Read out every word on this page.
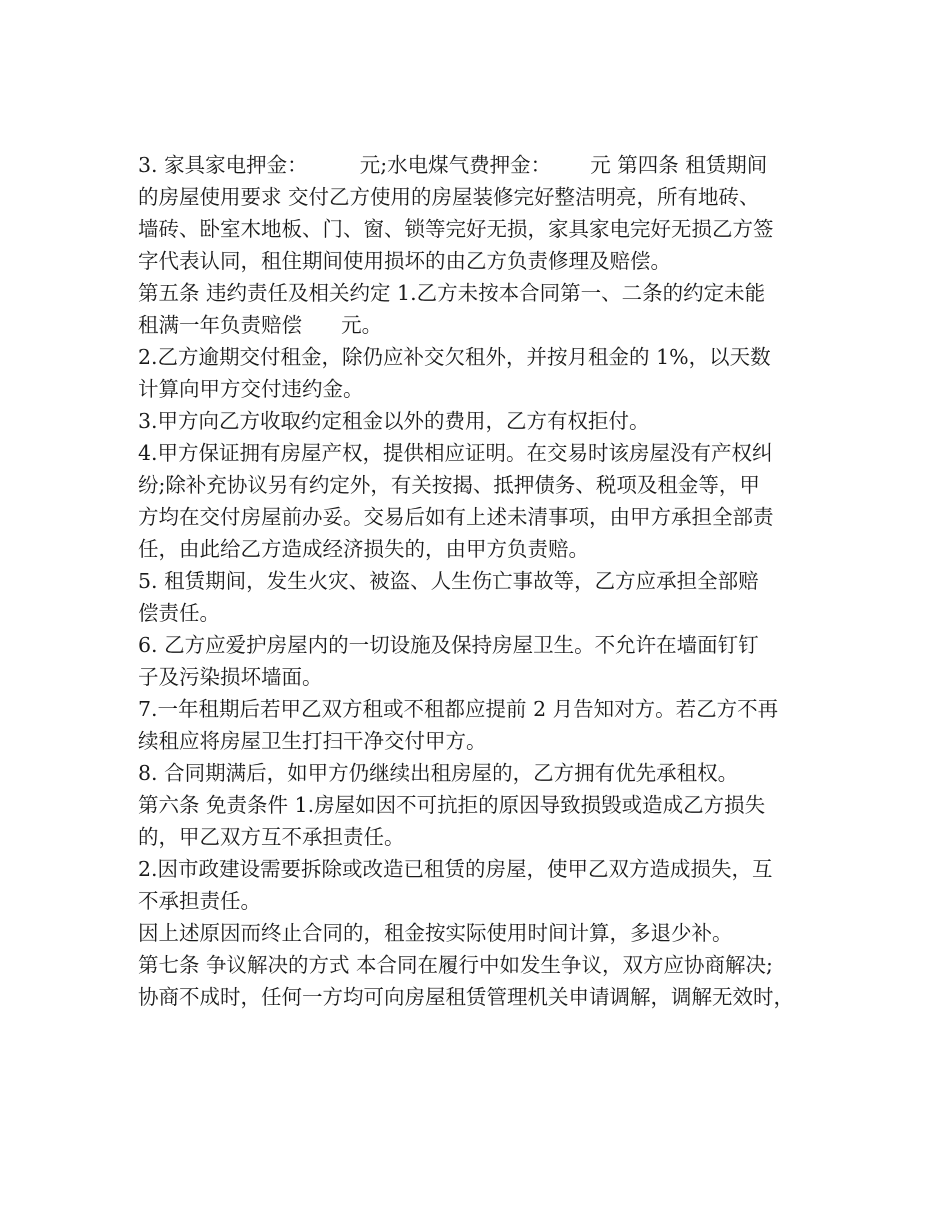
3. 家具家电押金：        元;水电煤气费押金：      元 第四条 租赁期间
的房屋使用要求 交付乙方使用的房屋装修完好整洁明亮，所有地砖、
墙砖、卧室木地板、门、窗、锁等完好无损，家具家电完好无损乙方签
字代表认同，租住期间使用损坏的由乙方负责修理及赔偿。
第五条 违约责任及相关约定 1.乙方未按本合同第一、二条的约定未能
租满一年负责赔偿      元。
2.乙方逾期交付租金，除仍应补交欠租外，并按月租金的 1%，以天数
计算向甲方交付违约金。
3.甲方向乙方收取约定租金以外的费用，乙方有权拒付。
4.甲方保证拥有房屋产权，提供相应证明。在交易时该房屋没有产权纠
纷;除补充协议另有约定外，有关按揭、抵押债务、税项及租金等，甲
方均在交付房屋前办妥。交易后如有上述未清事项，由甲方承担全部责
任，由此给乙方造成经济损失的，由甲方负责赔。
5. 租赁期间，发生火灾、被盗、人生伤亡事故等，乙方应承担全部赔
偿责任。
6. 乙方应爱护房屋内的一切设施及保持房屋卫生。不允许在墙面钉钉
子及污染损坏墙面。
7.一年租期后若甲乙双方租或不租都应提前 2 月告知对方。若乙方不再
续租应将房屋卫生打扫干净交付甲方。
8. 合同期满后，如甲方仍继续出租房屋的，乙方拥有优先承租权。
第六条 免责条件 1.房屋如因不可抗拒的原因导致损毁或造成乙方损失
的，甲乙双方互不承担责任。
2.因市政建设需要拆除或改造已租赁的房屋，使甲乙双方造成损失，互
不承担责任。
因上述原因而终止合同的，租金按实际使用时间计算，多退少补。
第七条 争议解决的方式 本合同在履行中如发生争议，双方应协商解决;
协商不成时，任何一方均可向房屋租赁管理机关申请调解，调解无效时，
